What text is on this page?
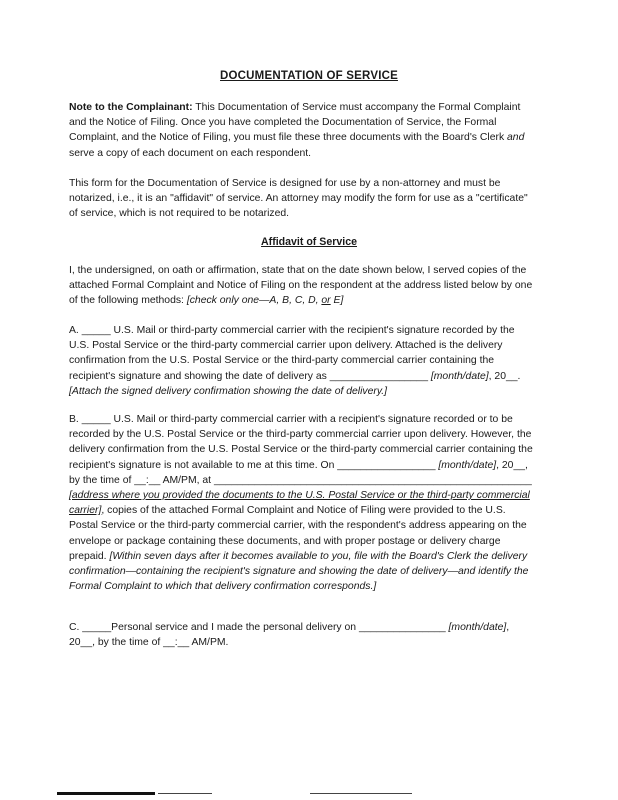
DOCUMENTATION OF SERVICE
Note to the Complainant: This Documentation of Service must accompany the Formal Complaint and the Notice of Filing. Once you have completed the Documentation of Service, the Formal Complaint, and the Notice of Filing, you must file these three documents with the Board's Clerk and serve a copy of each document on each respondent.
This form for the Documentation of Service is designed for use by a non-attorney and must be notarized, i.e., it is an "affidavit" of service. An attorney may modify the form for use as a "certificate" of service, which is not required to be notarized.
Affidavit of Service
I, the undersigned, on oath or affirmation, state that on the date shown below, I served copies of the attached Formal Complaint and Notice of Filing on the respondent at the address listed below by one of the following methods: [check only one—A, B, C, D, or E]
A. _____ U.S. Mail or third-party commercial carrier with the recipient's signature recorded by the U.S. Postal Service or the third-party commercial carrier upon delivery. Attached is the delivery confirmation from the U.S. Postal Service or the third-party commercial carrier containing the recipient's signature and showing the date of delivery as _________________ [month/date], 20__. [Attach the signed delivery confirmation showing the date of delivery.]
B. _____ U.S. Mail or third-party commercial carrier with a recipient's signature recorded or to be recorded by the U.S. Postal Service or the third-party commercial carrier upon delivery. However, the delivery confirmation from the U.S. Postal Service or the third-party commercial carrier containing the recipient's signature is not available to me at this time. On _________________ [month/date], 20__, by the time of __:__ AM/PM, at _______________________________________________________ [address where you provided the documents to the U.S. Postal Service or the third-party commercial carrier], copies of the attached Formal Complaint and Notice of Filing were provided to the U.S. Postal Service or the third-party commercial carrier, with the respondent's address appearing on the envelope or package containing these documents, and with proper postage or delivery charge prepaid. [Within seven days after it becomes available to you, file with the Board's Clerk the delivery confirmation—containing the recipient's signature and showing the date of delivery—and identify the Formal Complaint to which that delivery confirmation corresponds.]
C. _____Personal service and I made the personal delivery on _______________ [month/date], 20__, by the time of __:__ AM/PM.
